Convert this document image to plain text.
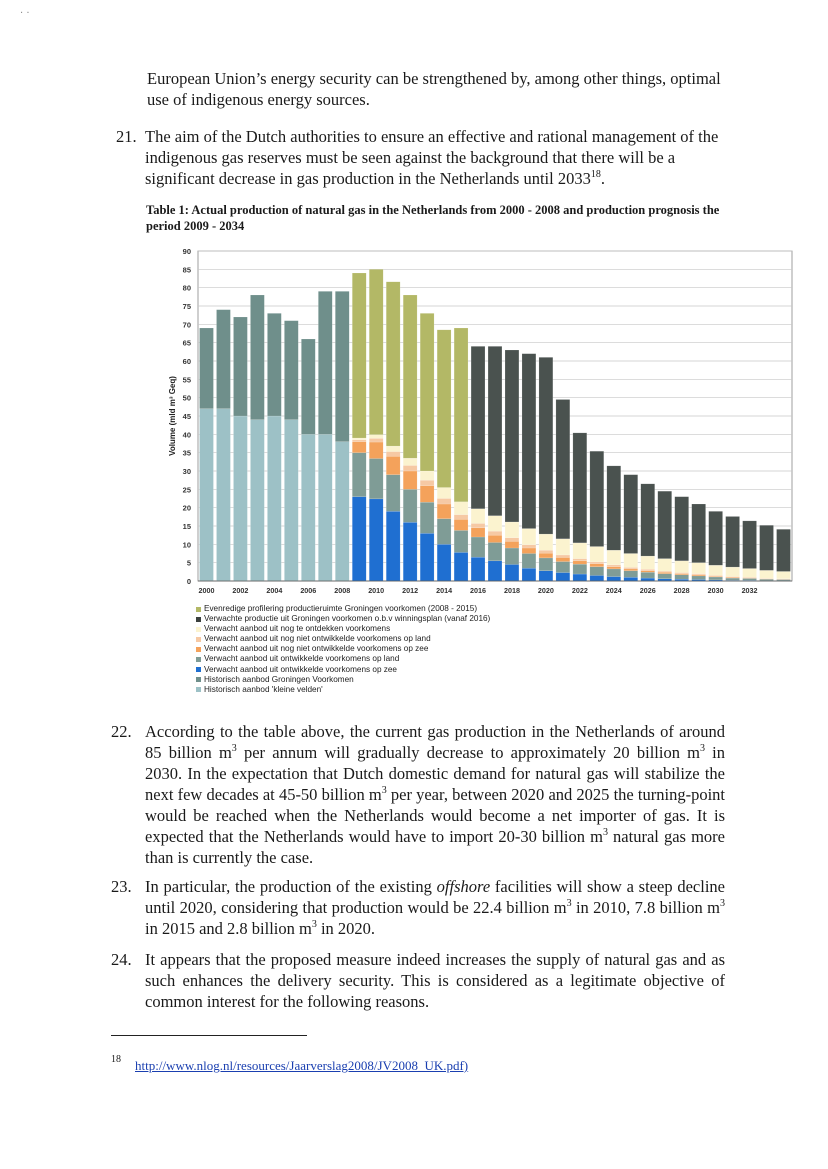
· ·
European Union’s energy security can be strengthened by, among other things, optimal use of indigenous energy sources.
21. The aim of the Dutch authorities to ensure an effective and rational management of the indigenous gas reserves must be seen against the background that there will be a significant decrease in gas production in the Netherlands until 2033$^{18}$.
Table 1: Actual production of natural gas in the Netherlands from 2000 - 2008 and production prognosis the period 2009 - 2034
0
5
10
15
20
25
30
35
40
45
50
55
60
65
70
75
80
85
90
Volume (mld m³ Geq)
2000 2002 2004 2006 2008 2010 2012 2014 2016 2018 2020 2022 2024 2026 2028 2030 2032
Evenredige profilering productieruimte Groningen voorkomen (2008 - 2015)
Verwachte productie uit Groningen voorkomen o.b.v winningsplan (vanaf 2016)
Verwacht aanbod uit nog te ontdekken voorkomens
Verwacht aanbod uit nog niet ontwikkelde voorkomens op land
Verwacht aanbod uit nog niet ontwikkelde voorkomens op zee
Verwacht aanbod uit ontwikkelde voorkomens op land
Verwacht aanbod uit ontwikkelde voorkomens op zee
Historisch aanbod Groningen Voorkomen
Historisch aanbod 'kleine velden'
22. According to the table above, the current gas production in the Netherlands of around 85 billion $m^3$ per annum will gradually decrease to approximately 20 billion $m^3$ in 2030. In the expectation that Dutch domestic demand for natural gas will stabilize the next few decades at 45-50 billion $m^3$ per year, between 2020 and 2025 the turning-point would be reached when the Netherlands would become a net importer of gas. It is expected that the Netherlands would have to import 20-30 billion $m^3$ natural gas more than is currently the case.
23. In particular, the production of the existing offshore facilities will show a steep decline until 2020, considering that production would be 22.4 billion $m^3$ in 2010, 7.8 billion $m^3$ in 2015 and 2.8 billion $m^3$ in 2020.
24. It appears that the proposed measure indeed increases the supply of natural gas and as such enhances the delivery security. This is considered as a legitimate objective of common interest for the following reasons.
18 http://www.nlog.nl/resources/Jaarverslag2008/JV2008_UK.pdf)
